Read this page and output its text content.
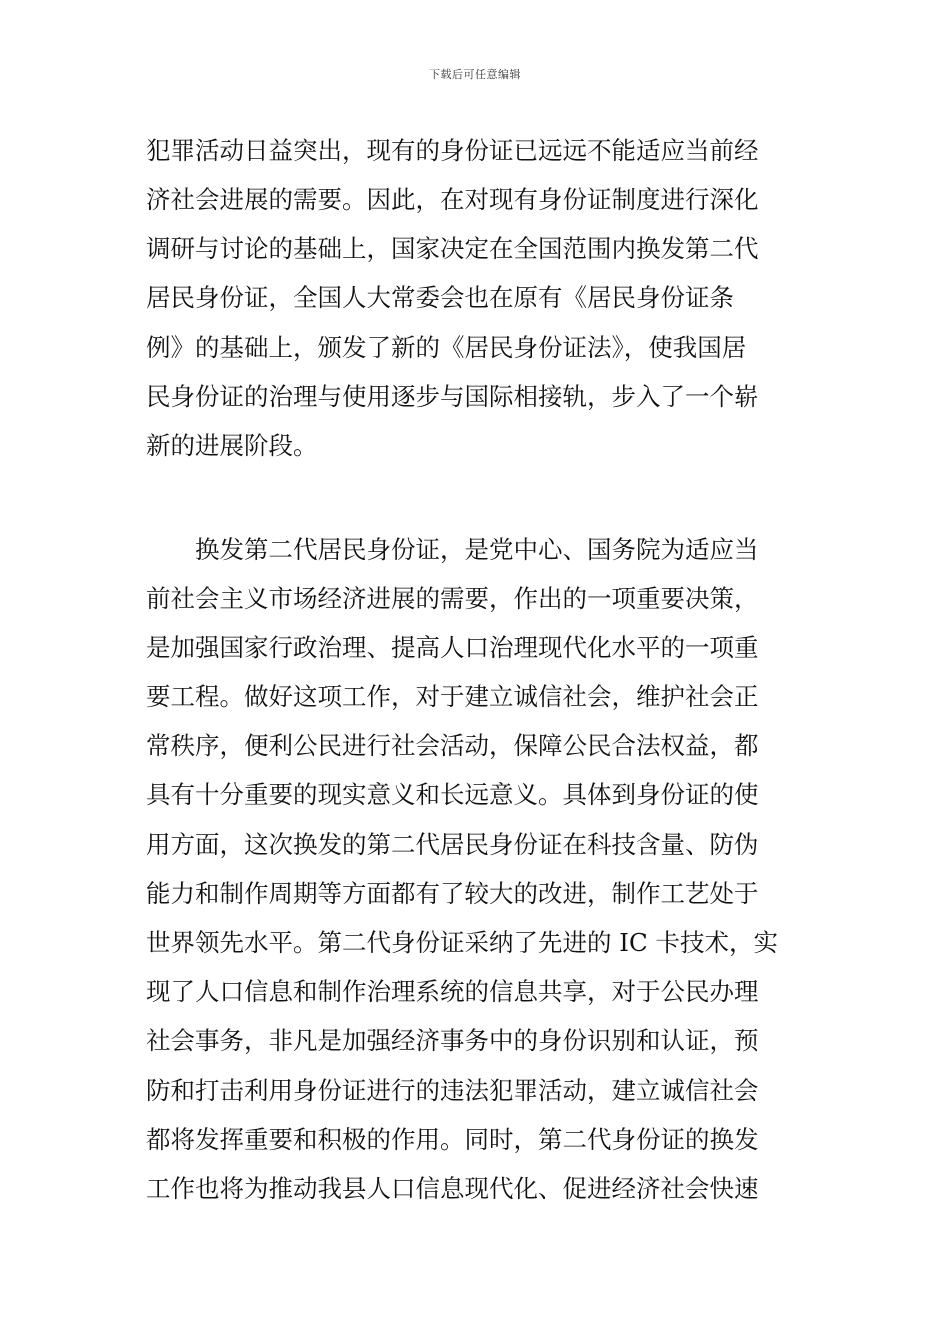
下载后可任意编辑
犯罪活动日益突出，现有的身份证已远远不能适应当前经
济社会进展的需要。因此，在对现有身份证制度进行深化
调研与讨论的基础上，国家决定在全国范围内换发第二代
居民身份证，全国人大常委会也在原有《居民身份证条
例》的基础上，颁发了新的《居民身份证法》，使我国居
民身份证的治理与使用逐步与国际相接轨，步入了一个崭
新的进展阶段。
　　换发第二代居民身份证，是党中心、国务院为适应当
前社会主义市场经济进展的需要，作出的一项重要决策，
是加强国家行政治理、提高人口治理现代化水平的一项重
要工程。做好这项工作，对于建立诚信社会，维护社会正
常秩序，便利公民进行社会活动，保障公民合法权益，都
具有十分重要的现实意义和长远意义。具体到身份证的使
用方面，这次换发的第二代居民身份证在科技含量、防伪
能力和制作周期等方面都有了较大的改进，制作工艺处于
世界领先水平。第二代身份证采纳了先进的 IC 卡技术，实
现了人口信息和制作治理系统的信息共享，对于公民办理
社会事务，非凡是加强经济事务中的身份识别和认证，预
防和打击利用身份证进行的违法犯罪活动，建立诚信社会
都将发挥重要和积极的作用。同时，第二代身份证的换发
工作也将为推动我县人口信息现代化、促进经济社会快速
